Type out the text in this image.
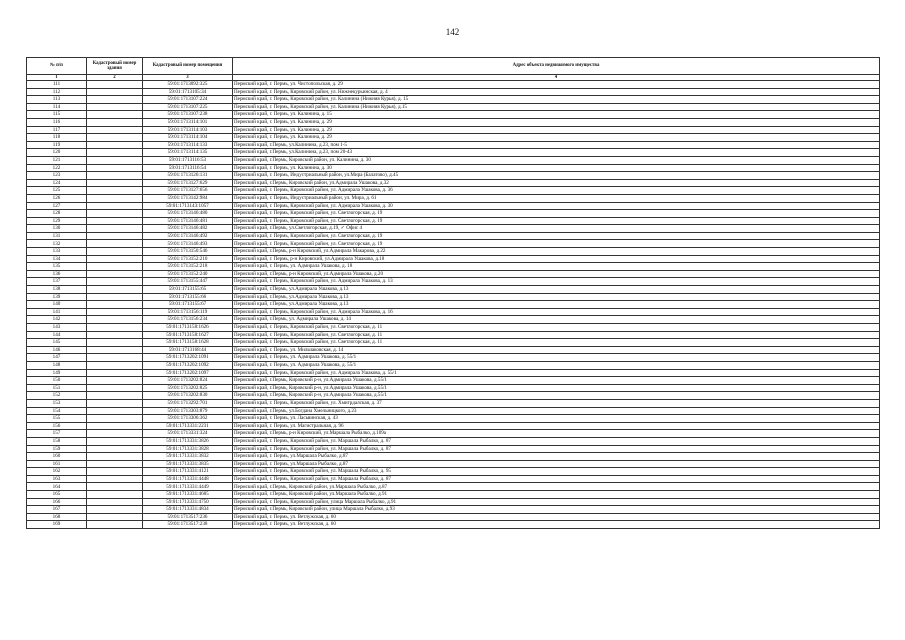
142
№ п/п	Кадастровый номер здания	Кадастровый номер помещения	Адрес объекта недвижимого имущества
1	2	3	4
111		59:01:1713092:325	Пермский край, г. Пермь, ул. Чистопольская, д. 29
112		59:01:1713105:34	Пермский край, г. Пермь, Кировский район, ул. Нижнекурьинская, д. 4
113		59:01:1713107:224	Пермский край, г. Пермь, Кировский район, ул. Калинина (Нижняя Курья), д. 15
114		59:01:1713107:225	Пермский край, г. Пермь, Кировский район, ул. Калинина (Нижняя Курья), д.15
115		59:01:1713107:238	Пермский край, г. Пермь, ул. Калинина, д. 15
116		59:01:1713114:101	Пермский край, г. Пермь, ул. Калинина, д. 29
117		59:01:1713114:103	Пермский край, г. Пермь, ул. Калинина, д. 29
118		59:01:1713114:104	Пермский край, г. Пермь, ул. Калинина, д. 29
119		59:01:1713114:133	Пермский край, г.Пермь, ул.Калинина, д.23, пом 1-5
120		59:01:1713114:135	Пермский край, г.Пермь, ул.Калинина, д.23, пом 20-43
121		59:01:1713116:53	Пермский край, г.Пермь, Кировский район, ул. Калинина, д. 30
122		59:01:1713116:54	Пермский край, г. Пермь, ул. Калинина, д. 30
123		59:01:1713126:131	Пермский край, г. Пермь, Индустриальный район, ул.Мира (Балатово), д.45
124		59:01:1713127:629	Пермский край, г.Пермь, Кировский район, ул.Адмирала Ушакова, д.32
125		59:01:1713127:656	Пермский край, г. Пермь, Кировский район, ул. Адмирала Ушакова, д. 36
126		59:01:1713142:984	Пермский край, г. Пермь, Индустриальный район, ул. Мира, д. 61
127		59:01:1713143:1057	Пермский край, г. Пермь, Кировский район, ул. Адмирала Ушакова, д. 30
128		59:01:1713146:480	Пермский край, г. Пермь, Кировский район, ул. Светлогорская, д. 19
129		59:01:1713146:481	Пермский край, г. Пермь, Кировский район, ул. Светлогорская, д. 19
130		59:01:1713146:482	Пермский край, г.Пермь, ул.Светлогорская, д.19, ✓ Офис 4
131		59:01:1713146:492	Пермский край, г. Пермь, Кировский район, ул. Светлогорская, д. 19
132		59:01:1713146:493	Пермский край, г. Пермь, Кировский район, ул. Светлогорская, д. 19
133		59:01:1713150:546	Пермский край, г.Пермь, р-н Кировский, ул.Адмирала Макарова, д.22
134		59:01:1713152:210	Пермский край, г. Пермь, р-н Кировский, ул.Адмирала Ушакова, д.18
135		59:01:1713152:218	Пермский край, г. Пермь, ул. Адмирала Ушакова, д. 18
136		59:01:1713152:240	Пермский край, г.Пермь, р-н Кировский, ул.Адмирала Ушакова, д.20
137		59:01:1713155:447	Пермский край, г. Пермь, Кировский район, ул. Адмирала Ушакова, д. 13
138		59:01:1713155:65	Пермский край, г.Пермь, ул.Адмирала Ушакова, д.13
139		59:01:1713155:66	Пермский край, г.Пермь, ул.Адмирала Ушакова, д.13
140		59:01:1713155:67	Пермский край, г.Пермь, ул.Адмирала Ушакова, д.13
141		59:01:1713156:119	Пермский край, г. Пермь, Кировский район, ул. Адмирала Ушакова, д. 16
142		59:01:1713156:234	Пермский край, г.Пермь, ул. Адмирала Ушакова, д. 14
143		59:01:1713158:1626	Пермский край, г. Пермь, Кировский район, ул. Светлогорская, д. 11
144		59:01:1713158:1627	Пермский край, г. Пермь, Кировский район, ул. Светлогорская, д. 11
145		59:01:1713158:1628	Пермский край, г. Пермь, Кировский район, ул. Светлогорская, д. 11
146		59:01:1713168:44	Пермский край, г. Пермь, ул. Мильчаковская, д. 14
147		59:01:1713202:1091	Пермский край, г. Пермь, ул. Адмирала Ушакова, д. 55/1
148		59:01:1713202:1092	Пермский край, г. Пермь, ул. Адмирала Ушакова, д. 55/1
149		59:01:1713202:1097	Пермский край, г. Пермь, Кировский район, ул. Адмирала Ушакова, д. 55/1
150		59:01:1713202:824	Пермский край, г.Пермь, Кировский р-н, ул.Адмирала Ушакова, д.55/1
151		59:01:1713202:825	Пермский край, г.Пермь, Кировский р-н, ул.Адмирала Ушакова, д.55/1
152		59:01:1713202:830	Пермский край, г.Пермь, Кировский р-н, ул.Адмирала Ушакова, д.55/1
153		59:01:1713292:701	Пермский край, г. Пермь, Кировский район, ул. Хмигрдалская, д. 37
154		59:01:1713303:879	Пермский край, г.Пермь, ул.Богдана Хмельницкого, д.23
155		59:01:1713306:362	Пермский край, г. Пермь, ул. Ласьвинская, д. 43
156		59:01:1713331:2231	Пермский край, г. Пермь, ул. Магистральная, д. 96
157		59:01:1713331:324	Пермский край, г.Пермь, р-н Кировский, ул.Маршала Рыбалко, д.109а
158		59:01:1713331:3826	Пермский край, г. Пермь, Кировский район, ул. Маршала Рыбалко, д. 87
159		59:01:1713331:3828	Пермский край, г. Пермь, Кировский район, ул. Маршала Рыбалко, д. 87
160		59:01:1713331:3832	Пермский край, г. Пермь, ул.Маршала Рыбалко, д.87
161		59:01:1713331:3835	Пермский край, г. Пермь, ул.Маршала Рыбалко, д.87
162		59:01:1713331:4121	Пермский край, г. Пермь, Кировский район, ул. Маршала Рыбалко, д. 95
163		59:01:1713331:4448	Пермский край, г. Пермь, Кировский район, ул. Маршала Рыбалко, д. 87
164		59:01:1713331:4449	Пермский край, г.Пермь, Кировский район, ул.Маршала Рыбалко, д.87
165		59:01:1713331:4685	Пермский край, г.Пермь, Кировский район, ул.Маршала Рыбалко, д.91
166		59:01:1713331:4750	Пермский край, г. Пермь, Кировский район, улица Маршала Рыбалко, д.91
167		59:01:1713331:4834	Пермский край, г.Пермь, Кировский район, улица Маршала Рыбалко, д.93
168		59:01:1713517:236	Пермский край, г. Пермь, ул. Ветлужская, д. 60
169		59:01:1713517:238	Пермский край, г. Пермь, ул. Ветлужская, д. 60
